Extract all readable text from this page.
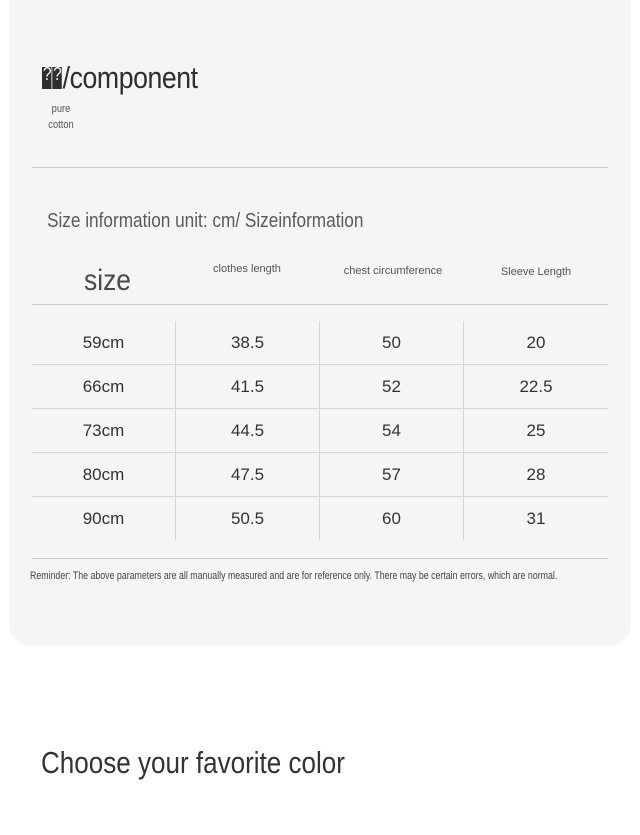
??/component
pure cotton
Size information unit: cm/ Sizeinformation
size	clothes length	chest circumference	Sleeve Length
59cm	38.5	50	20
66cm	41.5	52	22.5
73cm	44.5	54	25
80cm	47.5	57	28
90cm	50.5	60	31
Reminder: The above parameters are all manually measured and are for reference only. There may be certain errors, which are normal.
Choose your favorite color
